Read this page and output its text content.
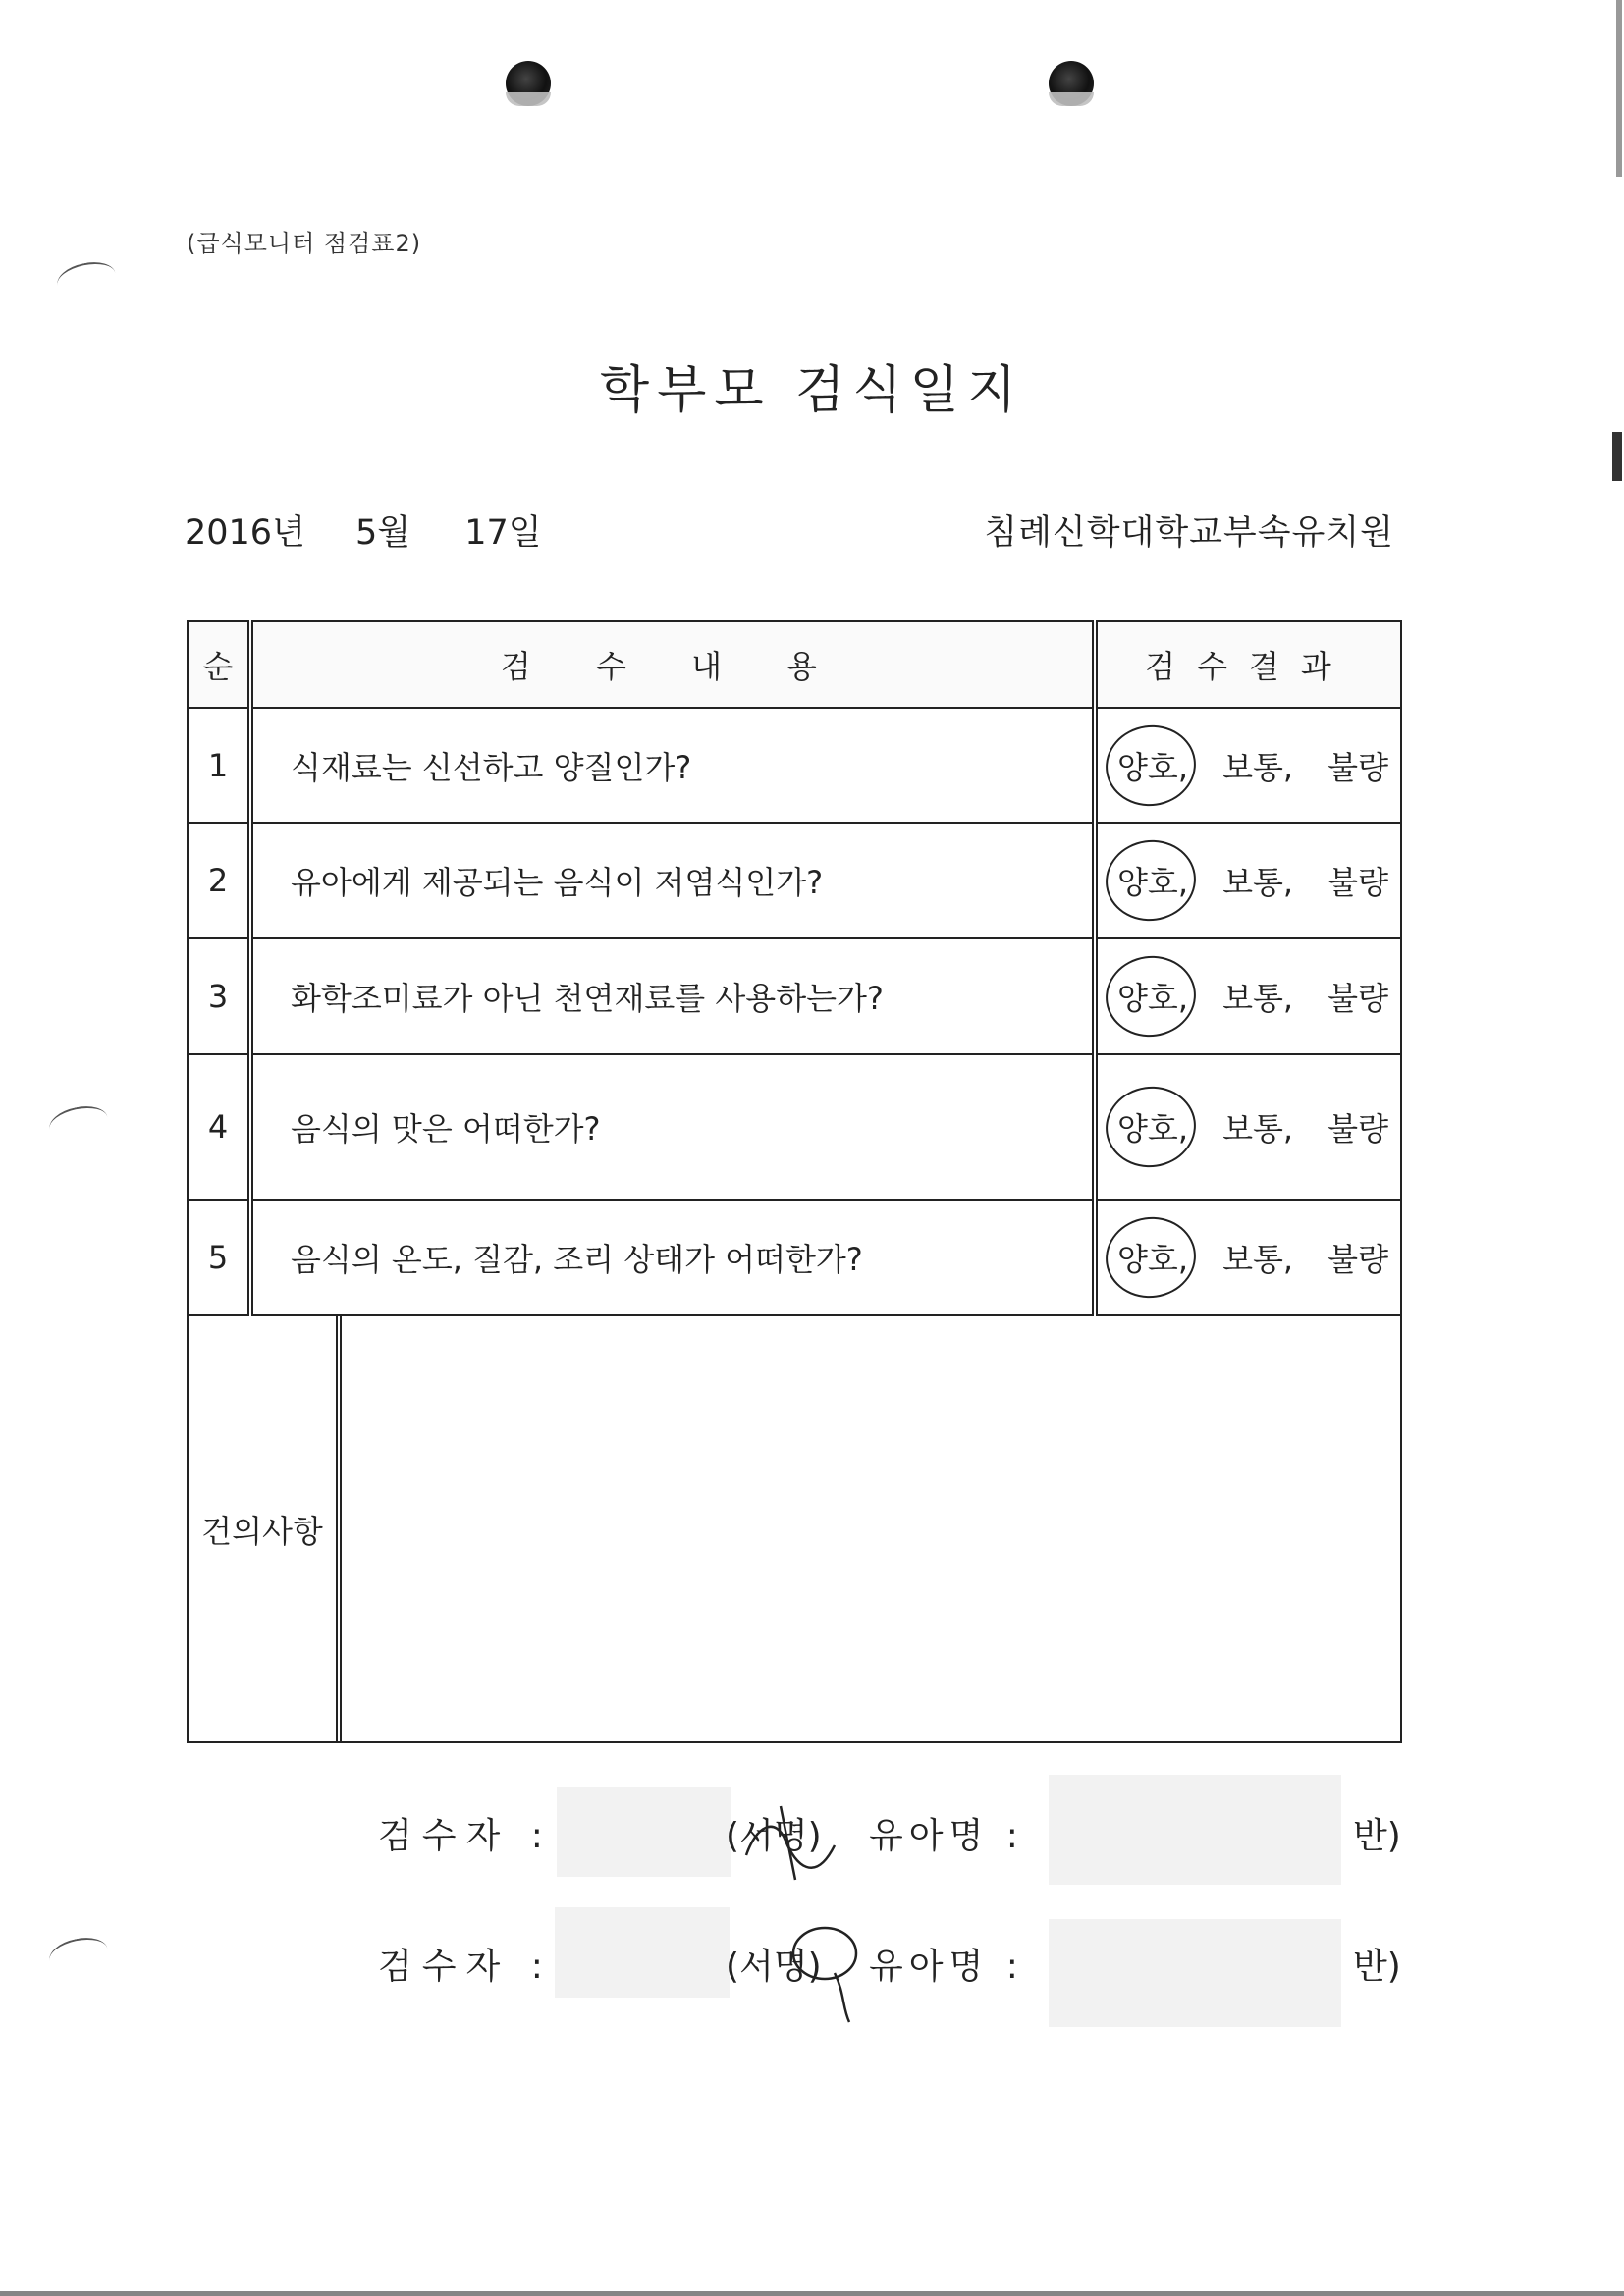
(급식모니터 점검표2)
학부모 검식일지
2016년 5월 17일	침례신학대학교부속유치원
순	검 수 내 용	검수결과
1	식재료는 신선하고 양질인가?	양호, 보통, 불량

2	유아에게 제공되는 음식이 저염식인가?	양호, 보통, 불량

3	화학조미료가 아닌 천연재료를 사용하는가?	양호, 보통, 불량

4	음식의 맛은 어떠한가?	양호, 보통, 불량

5	음식의 온도, 질감, 조리 상태가 어떠한가?	양호, 보통, 불량

건의사항		
검수자 :	(서명) 유아명 :	반)
검수자 :	(서명) 유아명 :	반)
